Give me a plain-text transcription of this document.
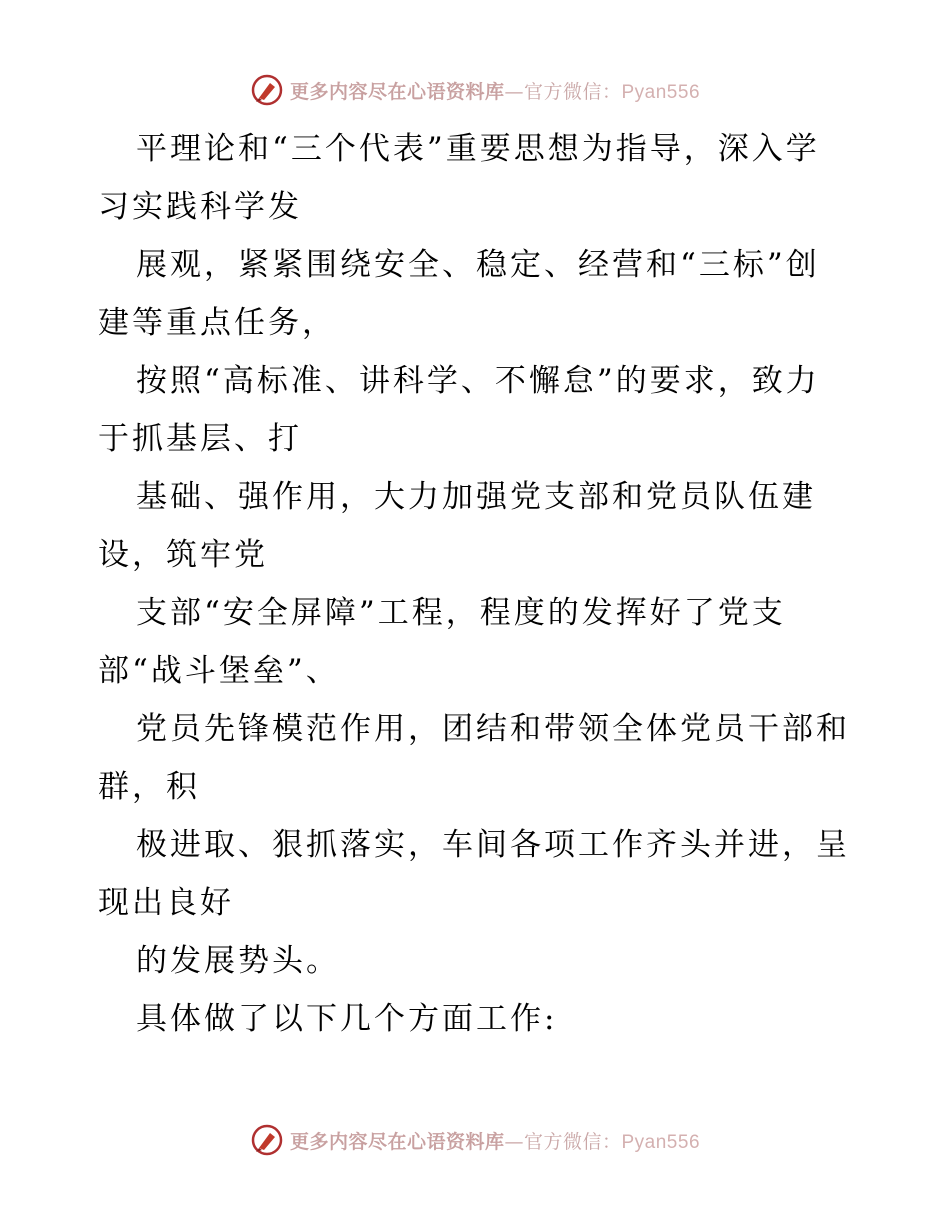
更多内容尽在心语资料库—官方微信：Pyan556
平理论和“三个代表”重要思想为指导，深入学
习实践科学发
展观，紧紧围绕安全、稳定、经营和“三标”创
建等重点任务，
按照“高标准、讲科学、不懈怠”的要求，致力
于抓基层、打
基础、强作用，大力加强党支部和党员队伍建
设，筑牢党
支部“安全屏障”工程，程度的发挥好了党支
部“战斗堡垒”、
党员先锋模范作用，团结和带领全体党员干部和
群，积
极进取、狠抓落实，车间各项工作齐头并进，呈
现出良好
的发展势头。
具体做了以下几个方面工作:
更多内容尽在心语资料库—官方微信：Pyan556
